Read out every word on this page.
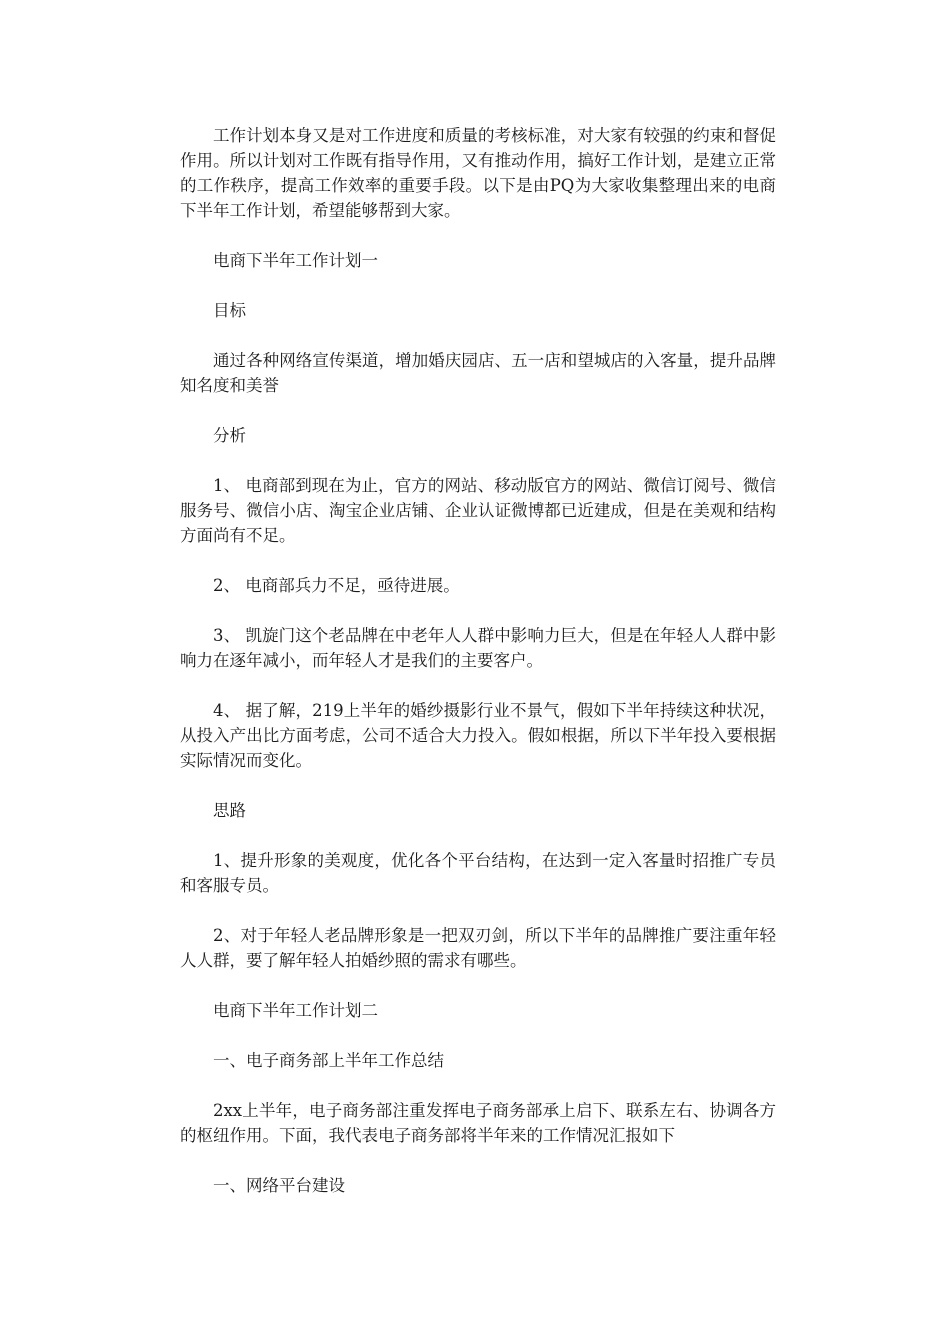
工作计划本身又是对工作进度和质量的考核标准，对大家有较强的约束和督促作用。所以计划对工作既有指导作用，又有推动作用，搞好工作计划，是建立正常的工作秩序，提高工作效率的重要手段。以下是由PQ为大家收集整理出来的电商下半年工作计划，希望能够帮到大家。

电商下半年工作计划一

目标

通过各种网络宣传渠道，增加婚庆园店、五一店和望城店的入客量，提升品牌知名度和美誉

分析

1、 电商部到现在为止，官方的网站、移动版官方的网站、微信订阅号、微信服务号、微信小店、淘宝企业店铺、企业认证微博都已近建成，但是在美观和结构方面尚有不足。

2、 电商部兵力不足，亟待进展。

3、 凯旋门这个老品牌在中老年人人群中影响力巨大，但是在年轻人人群中影响力在逐年减小，而年轻人才是我们的主要客户。

4、 据了解，219上半年的婚纱摄影行业不景气，假如下半年持续这种状况，从投入产出比方面考虑，公司不适合大力投入。假如根据，所以下半年投入要根据实际情况而变化。

思路

1、提升形象的美观度，优化各个平台结构，在达到一定入客量时招推广专员和客服专员。

2、对于年轻人老品牌形象是一把双刃剑，所以下半年的品牌推广要注重年轻人人群，要了解年轻人拍婚纱照的需求有哪些。

电商下半年工作计划二

一、电子商务部上半年工作总结

2xx上半年，电子商务部注重发挥电子商务部承上启下、联系左右、协调各方的枢纽作用。下面，我代表电子商务部将半年来的工作情况汇报如下

一、网络平台建设
